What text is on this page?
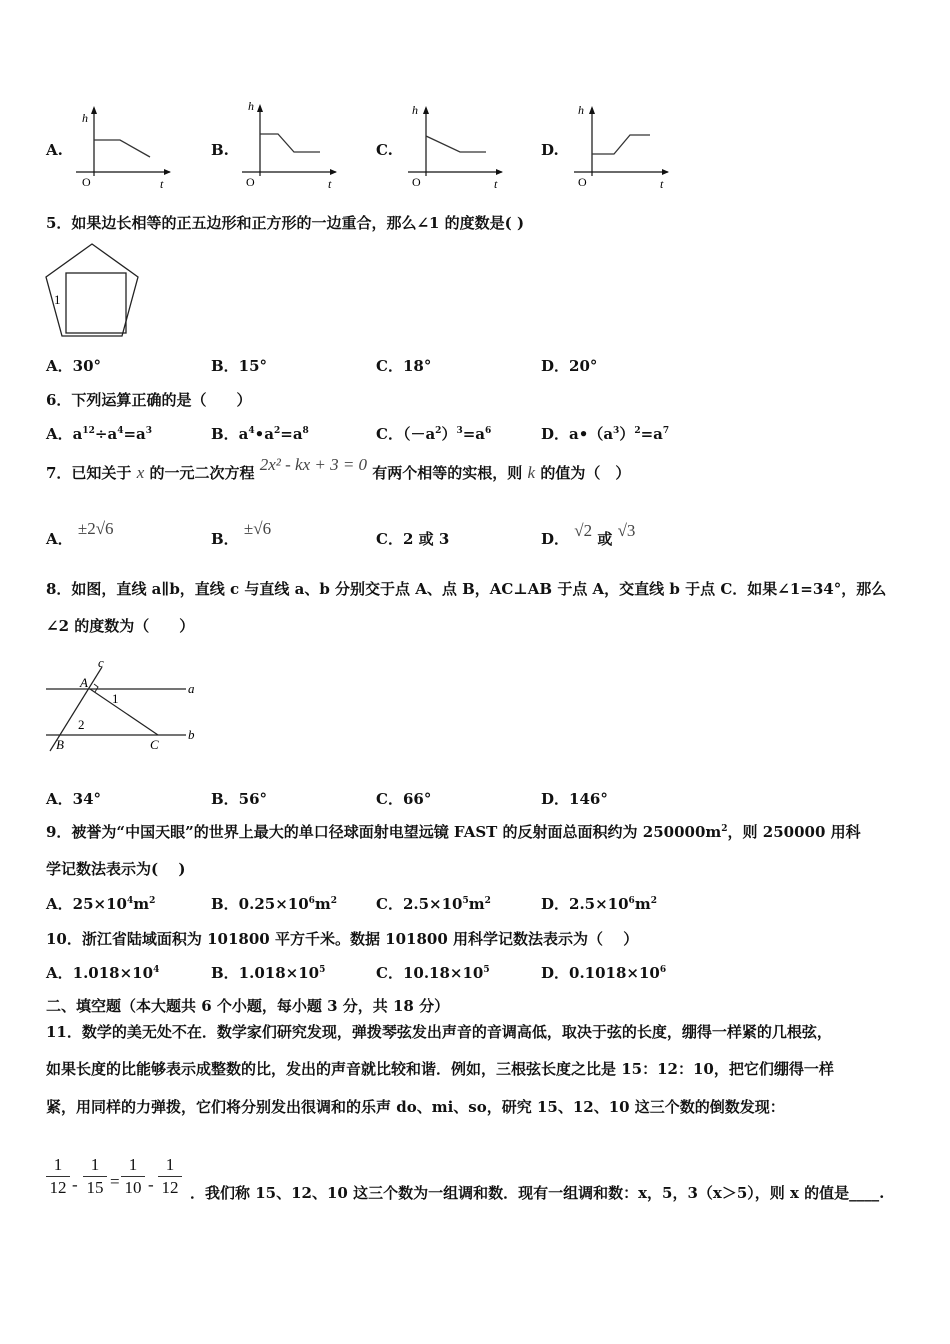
A.
h
t
O
B.
h
t
O
C.
h
t
O
D.
h
t
O
5．如果边长相等的正五边形和正方形的一边重合，那么∠1 的度数是( )
1
A．30°	B．15°	C．18°	D．20°
6．下列运算正确的是（　　）
A．$a^{12}\div a^4=a^3$	B．$a^4•a^2=a^8$	C．$(-a^2)^3=a^6$	D．$a•(a^3)^2=a^7$
7．已知关于 x 的一元二次方程 2x² - kx + 3 = 0 有两个相等的实根，则 k 的值为（　）
A． ±2√6
B． ±√6
C．2 或 3	D． √2 或 √3
8．如图，直线 a∥b，直线 c 与直线 a、b 分别交于点 A、点 B，AC⊥AB 于点 A，交直线 b 于点 C．如果∠1=34°，那么
∠2 的度数为（　　）
c
a
b
A
B	C
1
2
A．34°	B．56°	C．66°	D．146°
9．被誉为“中国天眼”的世界上最大的单口径球面射电望远镜 FAST 的反射面总面积约为 $250000m^2$，则 250000 用科
学记数法表示为(　 )
A．$25\times 10^4m^2$	B．$0.25\times 10^6m^2$	C．$2.5\times 10^5m^2$	D．$2.5\times 10^6m^2$
10．浙江省陆域面积为 101800 平方千米。数据 101800 用科学记数法表示为（　 ）
A．$1.018\times 10^4$	B．$1.018\times 10^5$	C．$10.18\times 10^5$	D．$0.1018\times 10^6$
二、填空题（本大题共 6 个小题，每小题 3 分，共 18 分）
11．数学的美无处不在．数学家们研究发现，弹拨琴弦发出声音的音调高低，取决于弦的长度，绷得一样紧的几根弦，
如果长度的比能够表示成整数的比，发出的声音就比较和谐．例如，三根弦长度之比是 15：12：10，把它们绷得一样
紧，用同样的力弹拨，它们将分别发出很调和的乐声 do、mi、so，研究 15、12、10 这三个数的倒数发现：
1
12 -
1
15 =
1
10 -
1
12 ．我们称 15、12、10 这三个数为一组调和数．现有一组调和数：x，5，3（x＞5），则 x 的值是____.
